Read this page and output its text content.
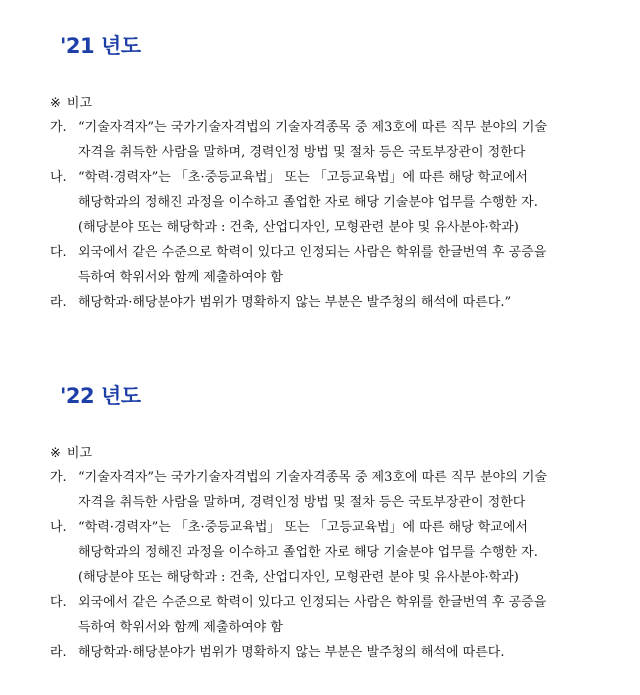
'21 년도
※ 비고
가. “기술자격자”는 국가기술자격법의 기술자격종목 중 제3호에 따른 직무 분야의 기술
자격을 취득한 사람을 말하며, 경력인정 방법 및 절차 등은 국토부장관이 정한다
나. “학력·경력자”는 「초·중등교육법」 또는 「고등교육법」에 따른 해당 학교에서
해당학과의 정해진 과정을 이수하고 졸업한 자로 해당 기술분야 업무를 수행한 자.
(해당분야 또는 해당학과 : 건축, 산업디자인, 모형관련 분야 및 유사분야·학과)
다. 외국에서 같은 수준으로 학력이 있다고 인정되는 사람은 학위를 한글번역 후 공증을
득하여 학위서와 함께 제출하여야 함
라. 해당학과·해당분야가 범위가 명확하지 않는 부분은 발주청의 해석에 따른다.”
'22 년도
※ 비고
가. “기술자격자”는 국가기술자격법의 기술자격종목 중 제3호에 따른 직무 분야의 기술
자격을 취득한 사람을 말하며, 경력인정 방법 및 절차 등은 국토부장관이 정한다
나. “학력·경력자”는 「초·중등교육법」 또는 「고등교육법」에 따른 해당 학교에서
해당학과의 정해진 과정을 이수하고 졸업한 자로 해당 기술분야 업무를 수행한 자.
(해당분야 또는 해당학과 : 건축, 산업디자인, 모형관련 분야 및 유사분야·학과)
다. 외국에서 같은 수준으로 학력이 있다고 인정되는 사람은 학위를 한글번역 후 공증을
득하여 학위서와 함께 제출하여야 함
라. 해당학과·해당분야가 범위가 명확하지 않는 부분은 발주청의 해석에 따른다.
